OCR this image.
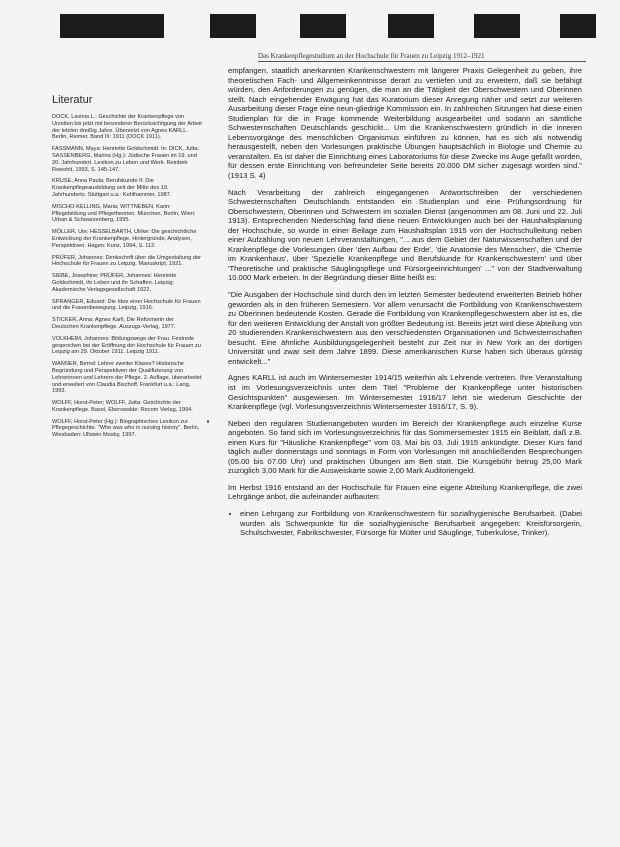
Das Krankenpflegestudium an der Hochschule für Frauen zu Leipzig 1912–1921
Literatur
DOCK, Lavinia L.: Geschichte der Krankenpflege von Urzeiten bis jetzt mit besonderer Berücksichtigung der Arbeit der letzten dreißig Jahre. Übersetzt von Agnes KARLL. Berlin, Reimer, Band III: 1911 (DOCK 1911).
FASSMANN, Maya: Henriette Goldschmidt. In: DICK, Jutta; SASSENBERG, Marina (Hg.): Jüdische Frauen im 19. und 20. Jahrhundert. Lexikon zu Leben und Werk. Reinbek: Rowohlt, 1993, S. 145-147.
KRUSE, Anna Paula: Berufskunde II: Die Krankenpflegeausbildung seit der Mitte des 19. Jahrhunderts. Stuttgart u.a.: Kohlhammer, 1987.
MISCHO-KELLING, Maria; WITTNEBEN, Karin: Pflegebildung und Pflegetheorien. München, Berlin, Wien: Urban & Schwarzenberg, 1995.
MÖLLER, Ute; HESSELBARTH, Ulrike: Die geschichtliche Entwicklung der Krankenpflege. Hintergründe, Analysen, Perspektiven. Hagen: Kunz, 1994, S. 112.
PRÜFER, Johannes: Denkschrift über die Umgestaltung der Hochschule für Frauen zu Leipzig. Manuskript, 1921.
SIEBE, Josephine; PRÜFER, Johannes: Henriette Goldschmidt, ihr Leben und ihr Schaffen. Leipzig: Akademische Verlagsgesellschaft 1922.
SPRANGER, Eduard: Die Idee einer Hochschule für Frauen und die Frauenbewegung. Leipzig, 1916.
STICKER, Anna: Agnes Karll, Die Reformerin der Deutschen Krankenpflege. Auszugs-Verlag, 1977.
VOLKHEIM, Johannes: Bildungswege der Frau. Festrede gesprochen bei der Eröffnung der Hochschule für Frauen zu Leipzig am 29. Oktober 1911. Leipzig 1911.
WANNER, Bernd: Lehrer zweiter Klasse? Historische Begründung und Perspektiven der Qualifizierung von Lehrerinnen und Lehrern der Pflege. 2. Auflage, überarbeitet und erweitert von Claudia Bischoff. Frankfurt u.a.: Lang, 1993.
WOLFF, Horst-Peter; WOLFF, Jutta: Geschichte der Krankenpflege. Basel, Eberswalde: Recom Verlag, 1994.
WOLFF, Horst-Peter (Hg.): Biographisches Lexikon zur Pflegegeschichte. "Who was who in nursing history". Berlin, Wiesbaden: Ullstein Mosby, 1997.

empfangen, staatlich anerkannten Krankenschwestern mit längerer Praxis Gelegenheit zu geben, ihre theoretischen Fach- und Allgemeinkenntnisse derart zu vertiefen und zu erweitern, daß sie befähigt würden, den Anforderungen zu genügen, die man an die Tätigkeit der Oberschwestern und Oberinnen stellt. Nach eingehender Erwägung hat das Kuratorium dieser Anregung näher und setzt zur weiteren Ausarbeitung dieser Frage eine neun-gliedrige Kommission ein. In zahlreichen Sitzungen hat diese einen Studienplan für die in Frage kommende Weiterbildung ausgearbeitet und sodann an sämtliche Schwesternschaften Deutschlands geschickt... Um die Krankenschwestern gründlich in die inneren Lebensvorgänge des menschlichen Organismus einführen zu können, hat es sich als notwendig herausgestellt, neben den Vorlesungen praktische Übungen hauptsächlich in Biologie und Chemie zu veranstalten. Es ist daher die Einrichtung eines Laboratoriums für diese Zwecke ins Auge gefaßt worden, für dessen erste Einrichtung von befreundeter Seite bereits 20.000 DM sicher zugesagt worden sind." (1913 S. 4)

Nach Verarbeitung der zahlreich eingegangenen Antwortschreiben der verschiedenen Schwesternschaften Deutschlands entstanden ein Studienplan und eine Prüfungsordnung für Oberschwestern, Oberinnen und Schwestern im sozialen Dienst (angenommen am 08. Juni und 22. Juli 1913). Entsprechenden Niederschlag fand diese neuen Entwicklungen auch bei der Haushaltsplanung der Hochschule, so wurde in einer Beilage zum Haushaltsplan 1915 von der Hochschulleitung neben einer Aufzählung von neuen Lehrveranstaltungen, "... aus dem Gebiet der Naturwissenschaften und der Krankenpflege die Vorlesungen über 'den Aufbau der Erde', 'die Anatomie des Menschen', die 'Chemie im Krankenhaus', über 'Spezielle Krankenpflege und Berufskunde für Krankenschwestern' und über 'Theoretische und praktische Säuglingspflege und Fürsorgeeinrichtungen' ..." von der Stadtverwaltung 10.000 Mark erbeten. In der Begründung dieser Bitte heißt es:

"Die Ausgaben der Hochschule sind durch den im letzten Semester bedeutend erweiterten Betrieb höher geworden als in den früheren Semestern. Vor allem verursacht die Fortbildung von Krankenschwestern zu Oberinnen bedeutende Kosten. Gerade die Fortbildung von Krankenpflegeschwestern aber ist es, die für den weiteren Entwicklung der Anstalt von größter Bedeutung ist. Bereits jetzt wird diese Abteilung von 20 studierenden Krankenschwestern aus den verschiedensten Organisationen und Schwesternschaften besucht. Eine ähnliche Ausbildungsgelegenheit besteht zur Zeit nur in New York an der dortigen Universität und zwar seit dem Jahre 1899. Diese amerikanischen Kurse haben sich überaus günstig entwickelt..."

Agnes KARLL ist auch im Wintersemester 1914/15 weiterhin als Lehrende vertreten. Ihre Veranstaltung ist im Vorlesungsverzeichnis unter dem Titel "Probleme der Krankenpflege unter historischen Gesichtspunkten" ausgewiesen. Im Wintersemester 1916/17 lehrt sie wiederum Geschichte der Krankenpflege (vgl. Vorlesungsverzeichnis Wintersemester 1916/17, S. 9).

Neben den regulären Studienangeboten wurden im Bereich der Krankenpflege auch einzelne Kurse angeboten. So fand sich im Vorlesungsverzeichnis für das Sommersemester 1915 ein Beiblatt, daß z.B. einen Kurs für "Häusliche Krankenpflege" vom 03. Mai bis 03. Juli 1915 ankündigte. Dieser Kurs fand täglich außer donnerstags und sonntags in Form von Vorlesungen mit anschließenden Besprechungen (05.00 bis 07.00 Uhr) und praktischen Übungen am Bett statt. Die Kursgebühr betrug 25,00 Mark zuzüglich 3,00 Mark für die Ausweiskarte sowie 2,00 Mark Auditoriengeld.

Im Herbst 1916 entstand an der Hochschule für Frauen eine eigene Abteilung Krankenpflege, die zwei Lehrgänge anbot, die aufeinander aufbauten:

• einen Lehrgang zur Fortbildung von Krankenschwestern für sozialhygienische Berufsarbeit. (Dabei wurden als Schwerpunkte für die sozialhygienische Berufsarbeit angegeben: Kreisfürsorgerin, Schulschwester, Fabrikschwester, Fürsorge für Mütter und Säuglinge, Tuberkulose, Trinker).
